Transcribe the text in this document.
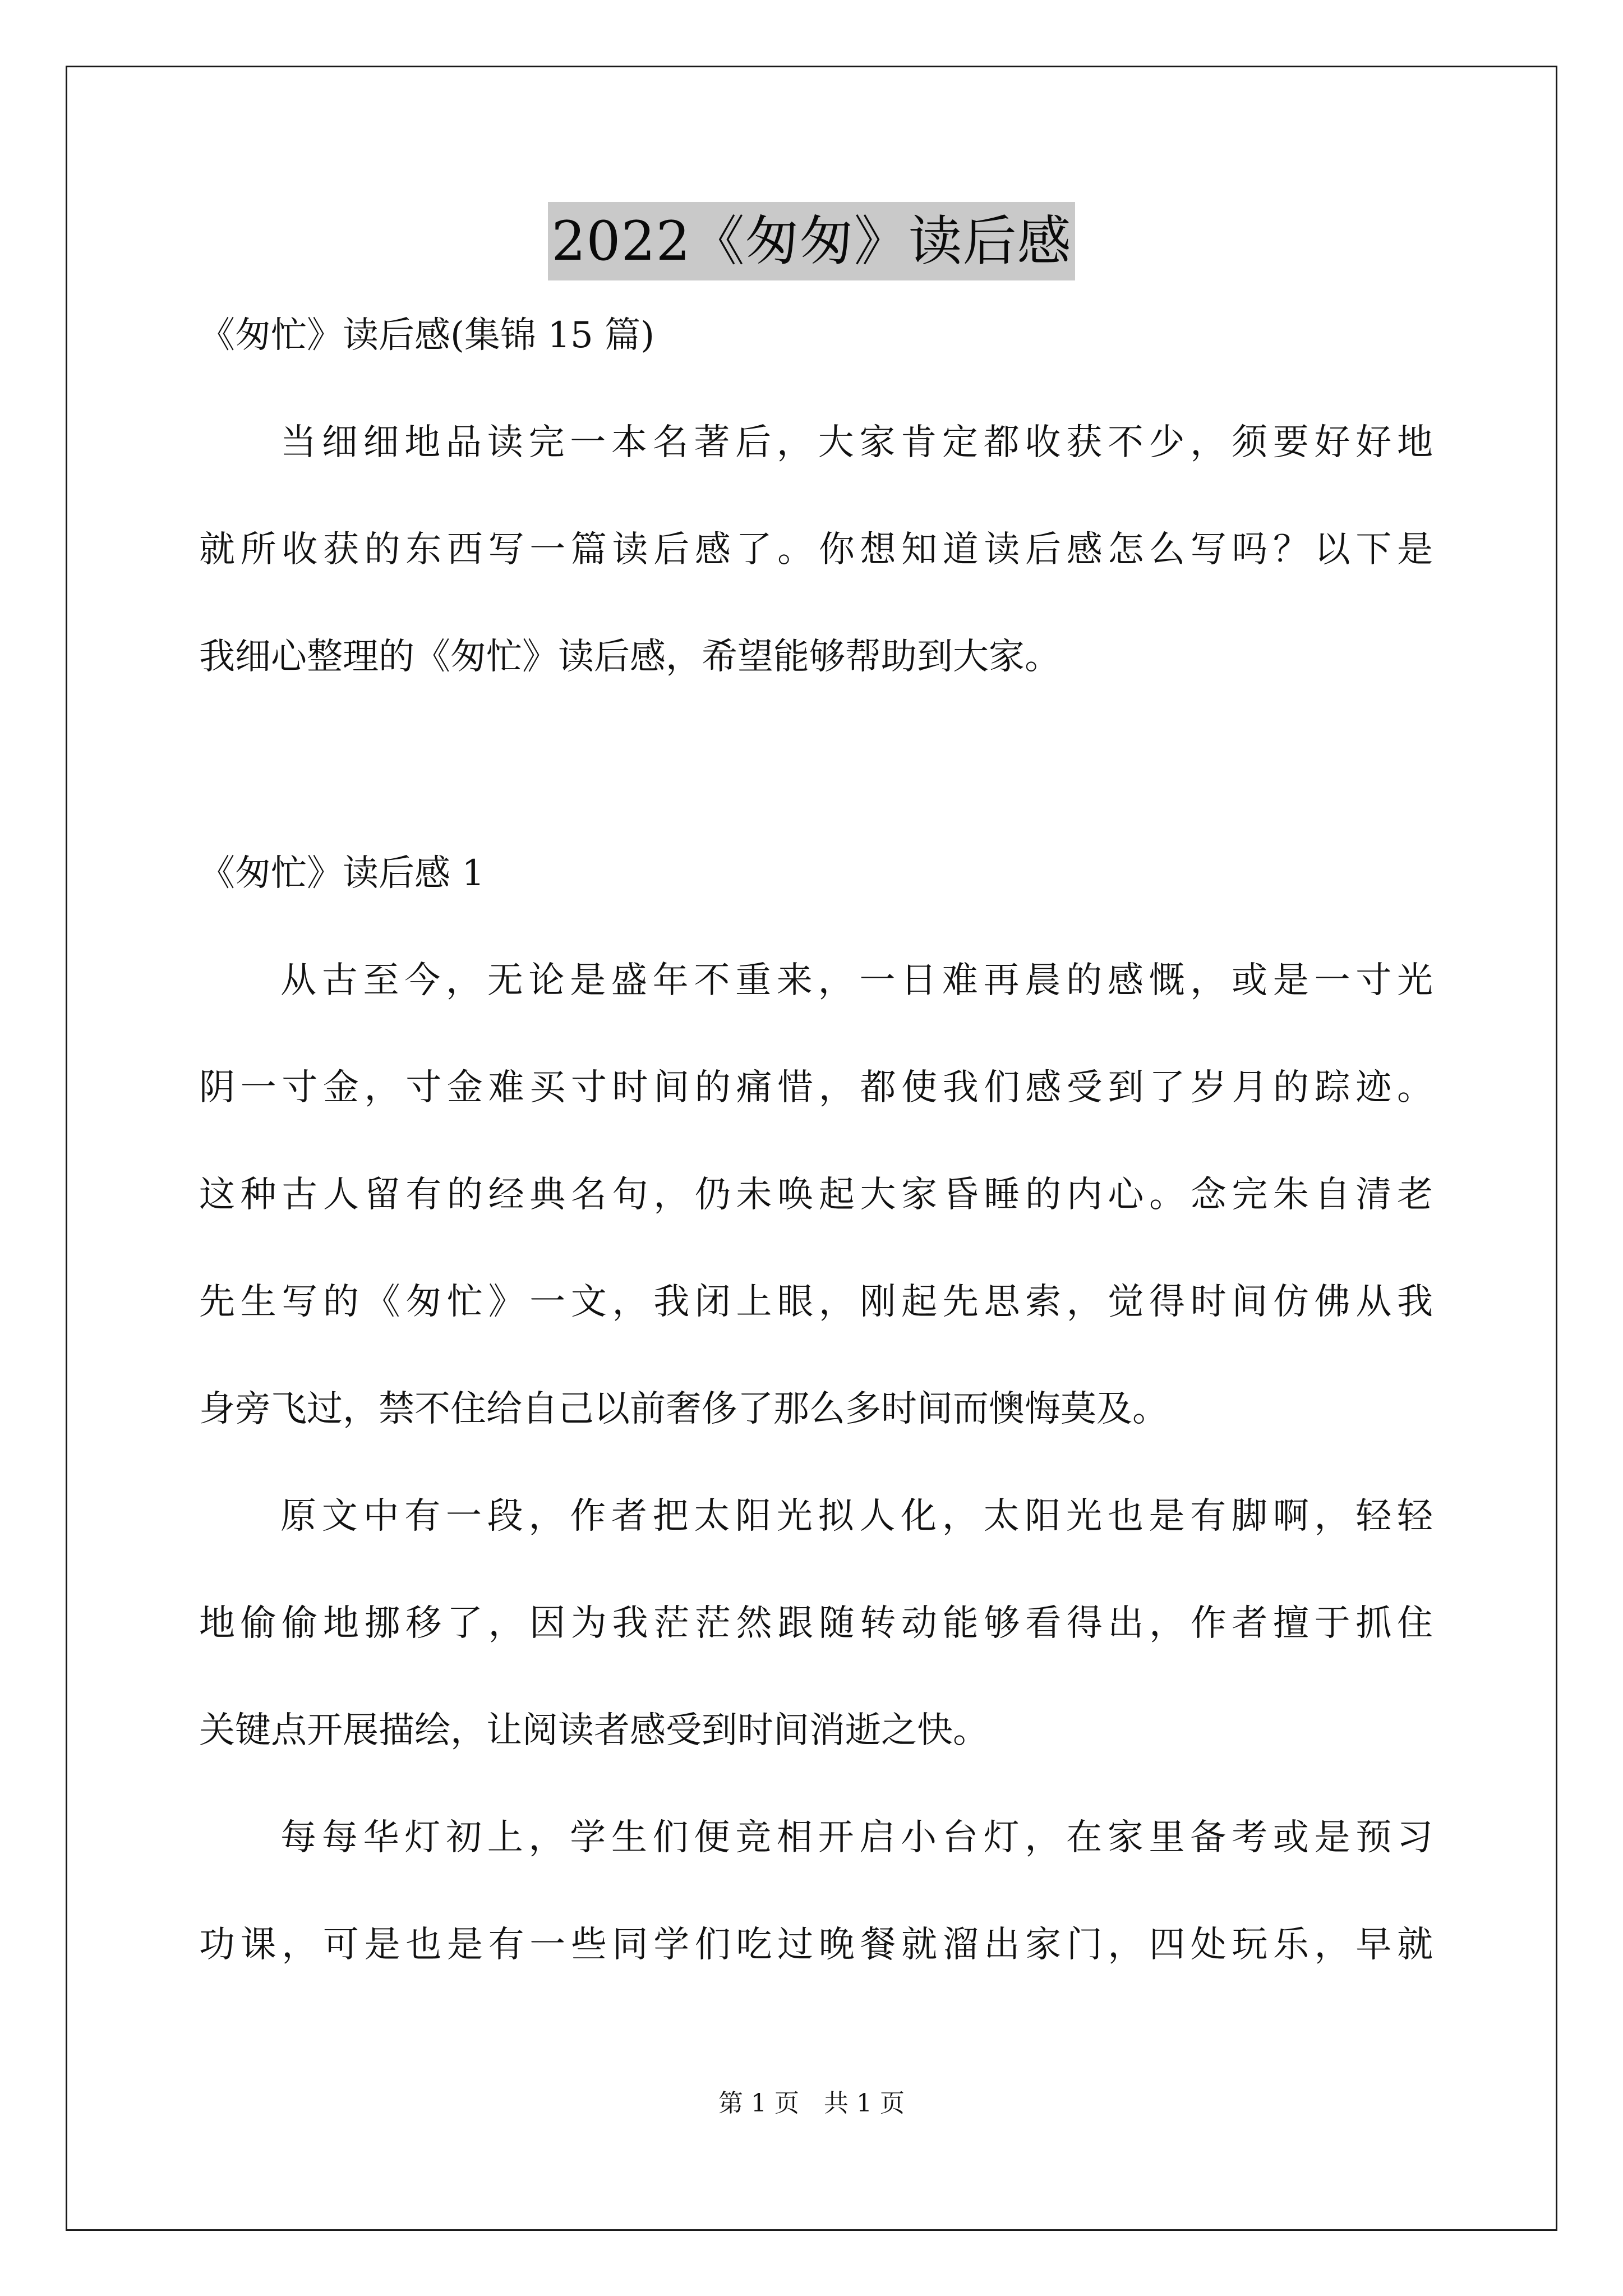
2022《匆匆》读后感

《匆忙》读后感(集锦 15 篇)

当细细地品读完一本名著后，大家肯定都收获不少，须要好好地

就所收获的东西写一篇读后感了。你想知道读后感怎么写吗？以下是

我细心整理的《匆忙》读后感，希望能够帮助到大家。

《匆忙》读后感 1

从古至今，无论是盛年不重来，一日难再晨的感慨，或是一寸光

阴一寸金，寸金难买寸时间的痛惜，都使我们感受到了岁月的踪迹。

这种古人留有的经典名句，仍未唤起大家昏睡的内心。念完朱自清老

先生写的《匆忙》一文，我闭上眼，刚起先思索，觉得时间仿佛从我

身旁飞过，禁不住给自己以前奢侈了那么多时间而懊悔莫及。

原文中有一段，作者把太阳光拟人化，太阳光也是有脚啊，轻轻

地偷偷地挪移了，因为我茫茫然跟随转动能够看得出，作者擅于抓住

关键点开展描绘，让阅读者感受到时间消逝之快。

每每华灯初上，学生们便竞相开启小台灯，在家里备考或是预习

功课，可是也是有一些同学们吃过晚餐就溜出家门，四处玩乐，早就

第 1 页　共 1 页
